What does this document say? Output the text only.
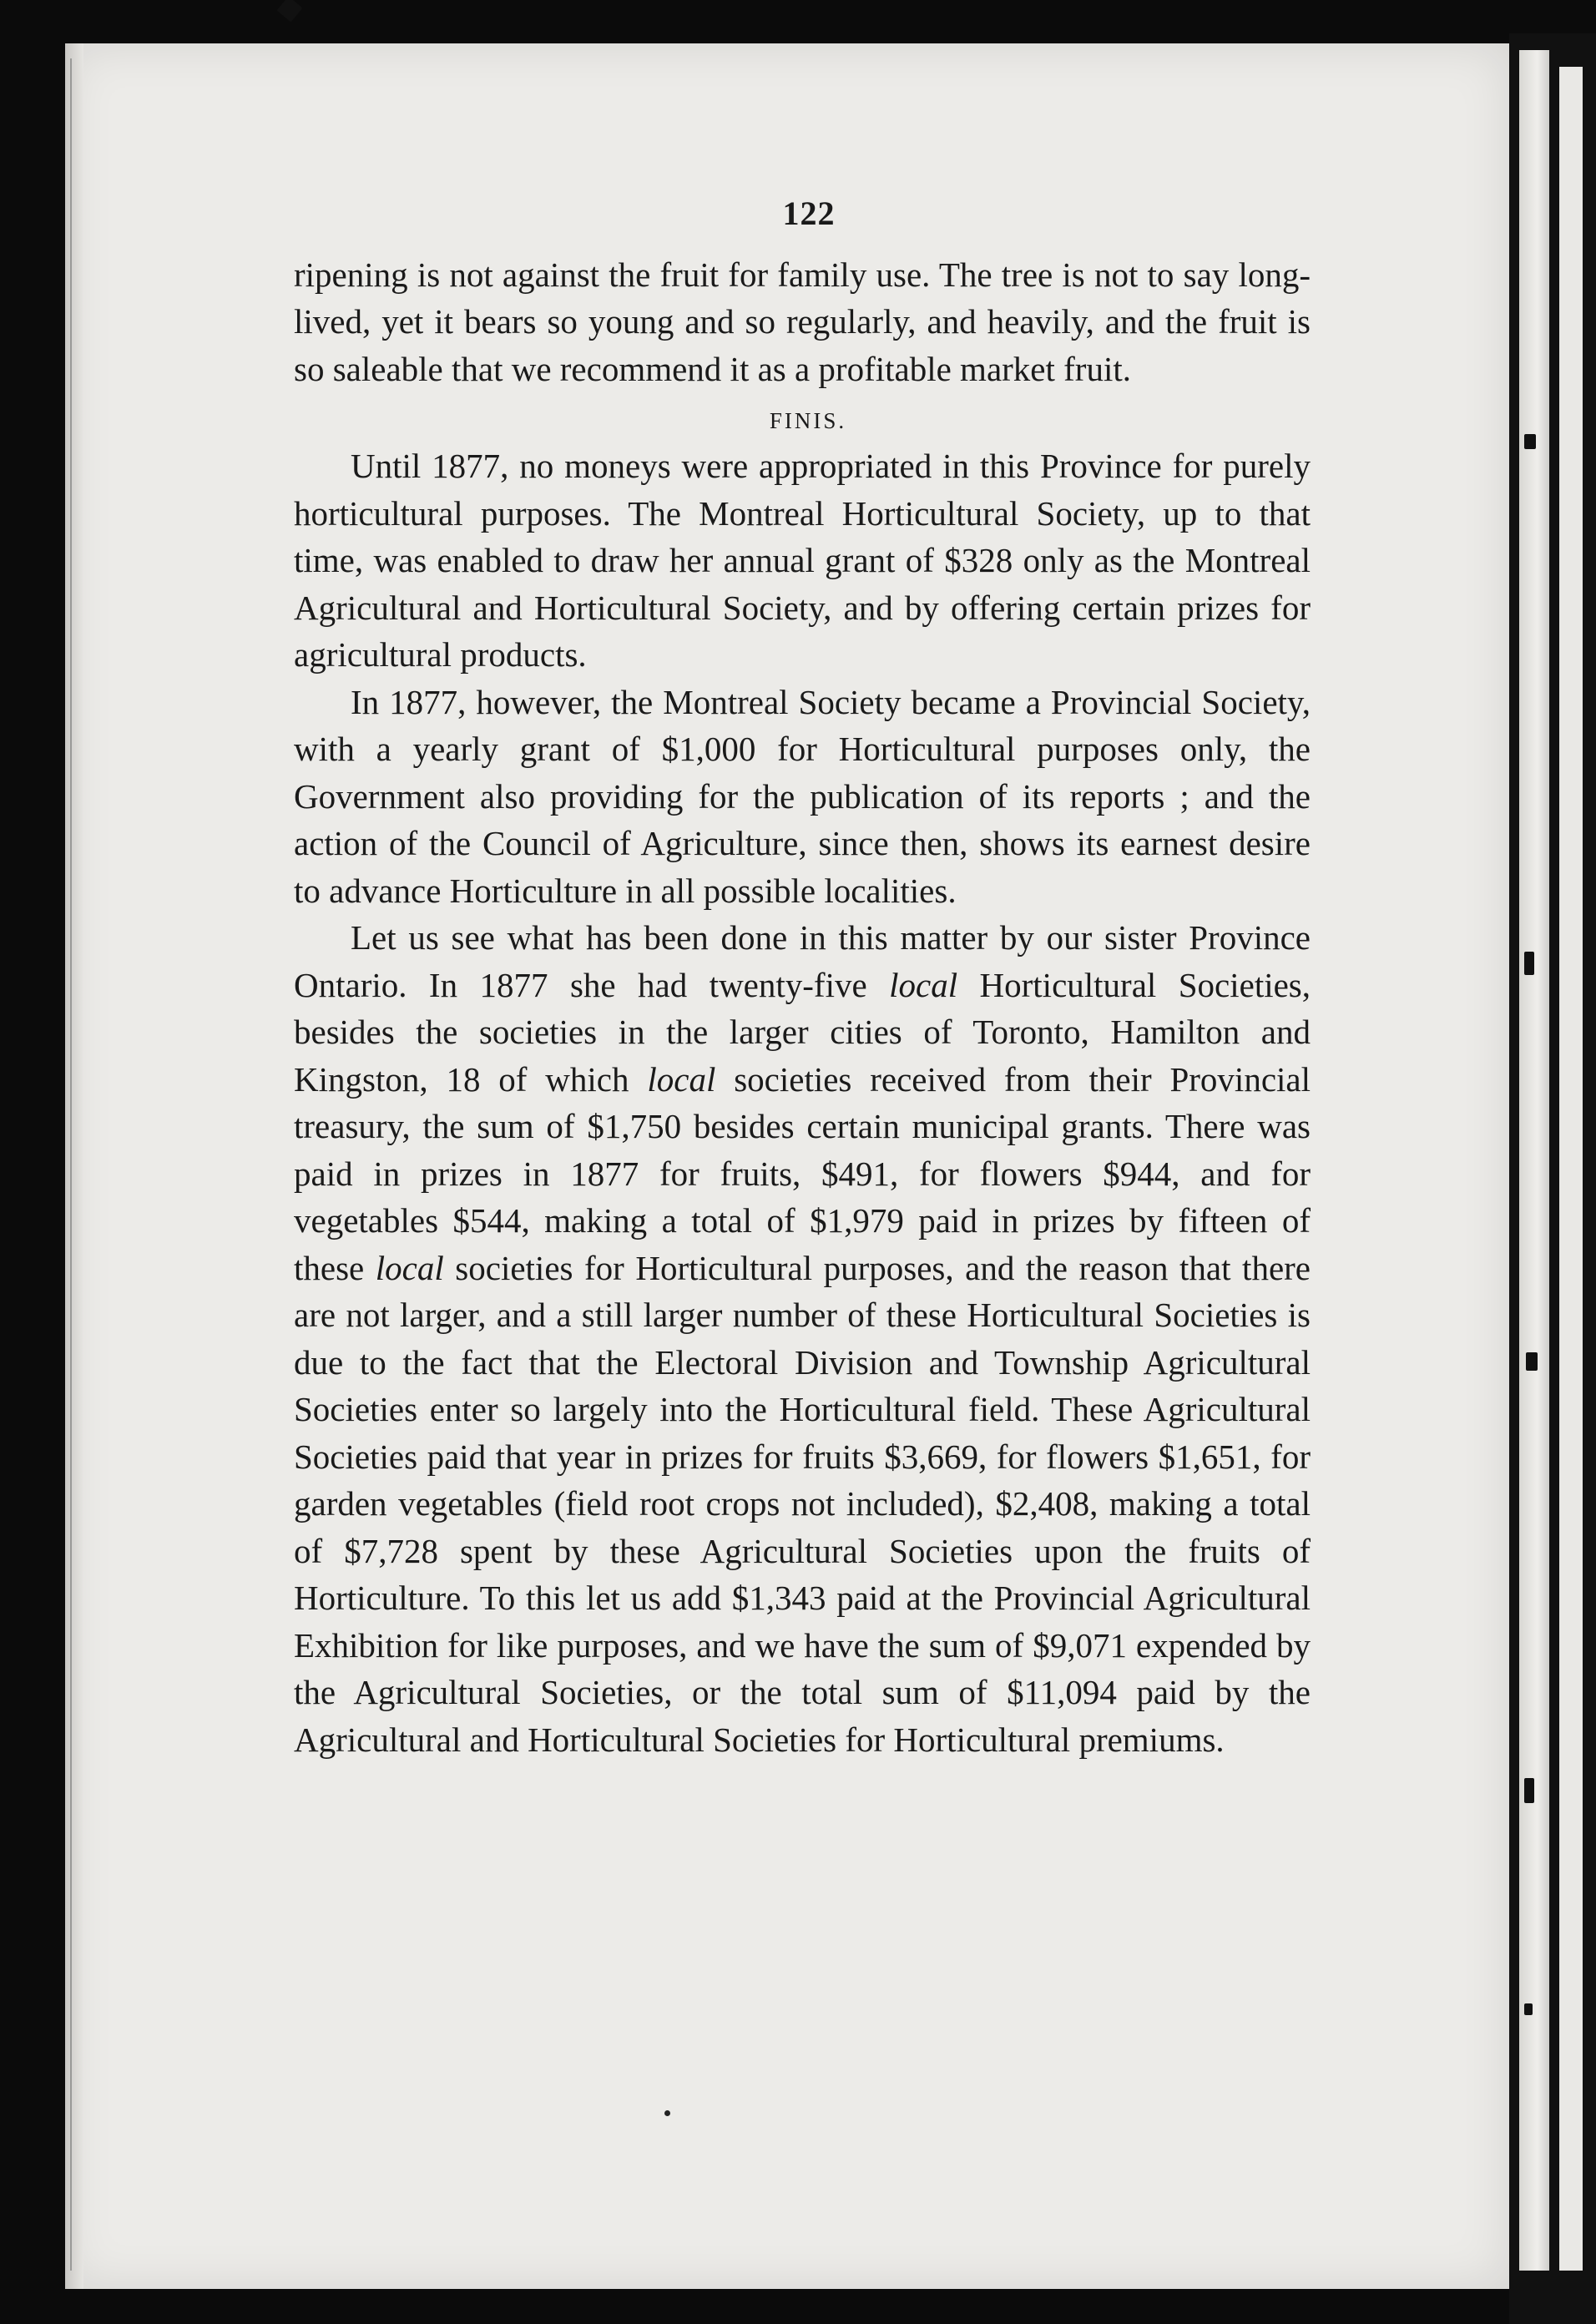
122

ripening is not against the fruit for family use. The tree is not to say long-lived, yet it bears so young and so regularly, and heavily, and the fruit is so saleable that we recommend it as a profitable market fruit.

FINIS.

Until 1877, no moneys were appropriated in this Province for purely horticultural purposes. The Montreal Horticultural Society, up to that time, was enabled to draw her annual grant of $328 only as the Montreal Agricultural and Horticultural Society, and by offering certain prizes for agricultural products.

In 1877, however, the Montreal Society became a Provincial Society, with a yearly grant of $1,000 for Horticultural purposes only, the Government also providing for the publication of its reports ; and the action of the Council of Agriculture, since then, shows its earnest desire to advance Horticulture in all possible localities.

Let us see what has been done in this matter by our sister Province Ontario. In 1877 she had twenty-five local Horticultural Societies, besides the societies in the larger cities of Toronto, Hamilton and Kingston, 18 of which local societies received from their Provincial treasury, the sum of $1,750 besides certain municipal grants. There was paid in prizes in 1877 for fruits, $491, for flowers $944, and for vegetables $544, making a total of $1,979 paid in prizes by fifteen of these local societies for Horticultural purposes, and the reason that there are not larger, and a still larger number of these Horticultural Societies is due to the fact that the Electoral Division and Township Agricultural Societies enter so largely into the Horticultural field. These Agricultural Societies paid that year in prizes for fruits $3,669, for flowers $1,651, for garden vegetables (field root crops not included), $2,408, making a total of $7,728 spent by these Agricultural Societies upon the fruits of Horticulture. To this let us add $1,343 paid at the Provincial Agricultural Exhibition for like purposes, and we have the sum of $9,071 expended by the Agricultural Societies, or the total sum of $11,094 paid by the Agricultural and Horticultural Societies for Horticultural premiums.
